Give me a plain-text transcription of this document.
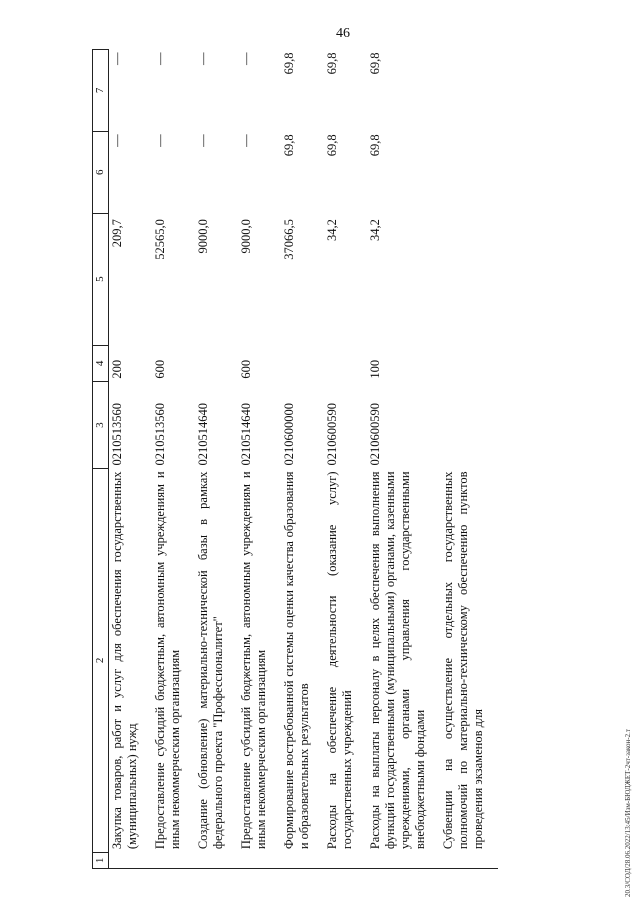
46
20.3/СОД/28.06.2022/13:45/Изм-БЮДЖЕТ-2чт-закон-2.т
1	2	3	4	5	6	7
	Закупка товаров, работ и услуг для обеспечения государственных (муниципальных) нужд	0210513560	200	209,7	—	—
	Предоставление субсидий бюджетным, автономным учреждениям и иным некоммерческим организациям	0210513560	600	52565,0	—	—
	Создание (обновление) материально-технической базы в рамках федерального проекта "Профессионалитет"	0210514640		9000,0	—	—
	Предоставление субсидий бюджетным, автономным учреждениям и иным некоммерческим организациям	0210514640	600	9000,0	—	—
	Формирование востребованной системы оценки качества образования и образовательных результатов	0210600000		37066,5	69,8	69,8
	Расходы на обеспечение деятельности (оказание услуг) государственных учреждений	0210600590		34,2	69,8	69,8
	Расходы на выплаты персоналу в целях обеспечения выполнения функций государственными (муниципальными) органами, казенными учреждениями, органами управления государственными внебюджетными фондами	0210600590	100	34,2	69,8	69,8
	Субвенции на осуществление отдельных государственных полномочий по материально-техническому обеспечению пунктов проведения экзаменов для					
